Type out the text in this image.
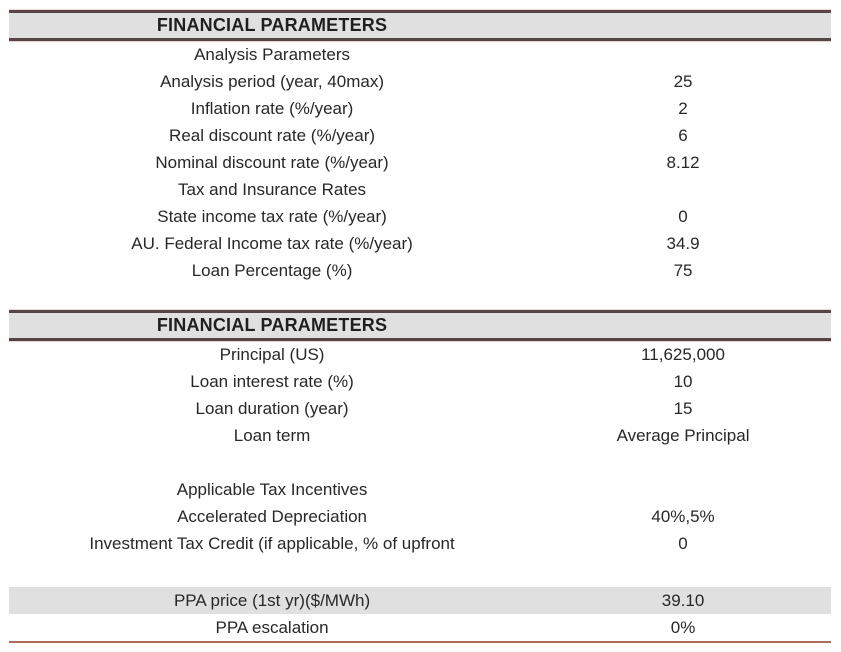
FINANCIAL PARAMETERS
Analysis Parameters
Analysis period (year, 40max)	25
Inflation rate (%/year)	2
Real discount rate (%/year)	6
Nominal discount rate (%/year)	8.12
Tax and Insurance Rates
State income tax rate (%/year)	0
AU. Federal Income tax rate (%/year)	34.9
Loan Percentage (%)	75
FINANCIAL PARAMETERS
Principal (US)	11,625,000
Loan interest rate (%)	10
Loan duration (year)	15
Loan term	Average Principal
Applicable Tax Incentives
Accelerated Depreciation	40%,5%
Investment Tax Credit (if applicable, % of upfront	0
PPA price (1st yr)($/MWh)	39.10
PPA escalation	0%
